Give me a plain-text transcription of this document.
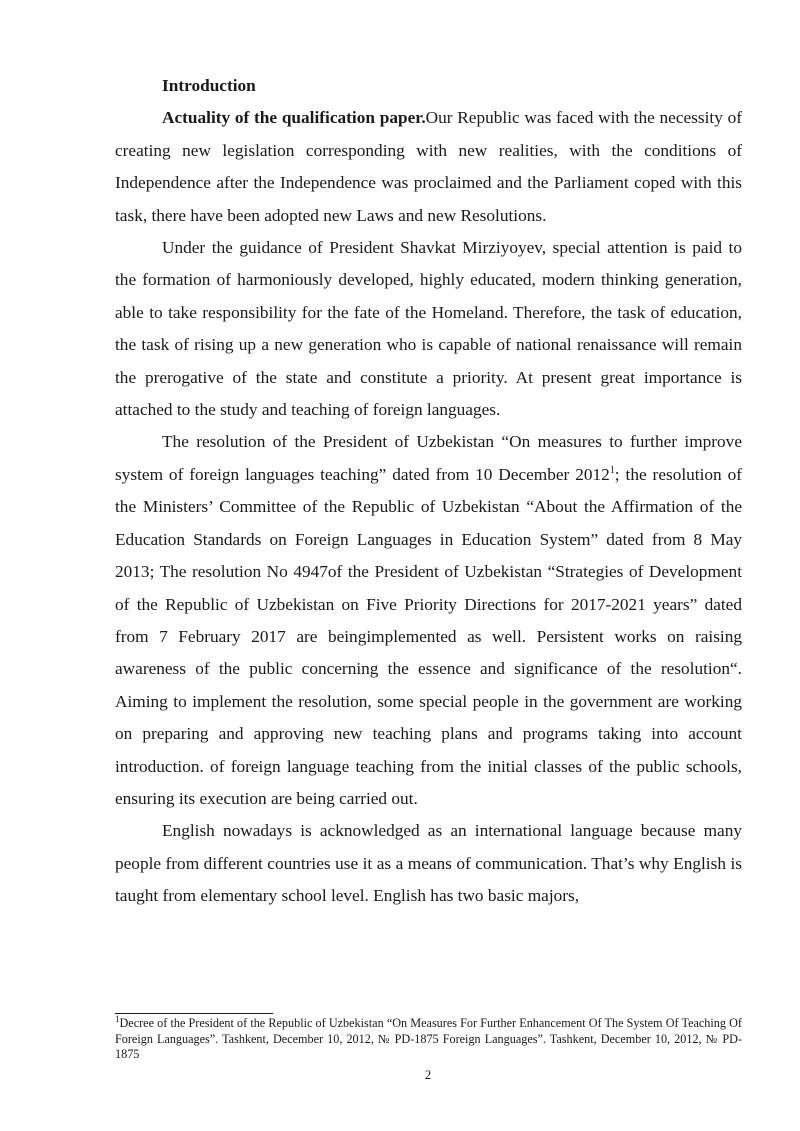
Introduction

Actuality of the qualification paper.Our Republic was faced with the necessity of creating new legislation corresponding with new realities, with the conditions of Independence after the Independence was proclaimed and the Parliament coped with this task, there have been adopted new Laws and new Resolutions.

Under the guidance of President Shavkat Mirziyoyev, special attention is paid to the formation of harmoniously developed, highly educated, modern thinking generation, able to take responsibility for the fate of the Homeland. Therefore, the task of education, the task of rising up a new generation who is capable of national renaissance will remain the prerogative of the state and constitute a priority. At present great importance is attached to the study and teaching of foreign languages.

The resolution of the President of Uzbekistan “On measures to further improve system of foreign languages teaching” dated from 10 December 2012$^1$; the resolution of the Ministers’ Committee of the Republic of Uzbekistan “About the Affirmation of the Education Standards on Foreign Languages in Education System” dated from 8 May 2013; The resolution No 4947of the President of Uzbekistan “Strategies of Development of the Republic of Uzbekistan on Five Priority Directions for 2017-2021 years” dated from 7 February 2017 are beingimplemented as well. Persistent works on raising awareness of the public concerning the essence and significance of the resolution“. Aiming to implement the resolution, some special people in the government are working on preparing and approving new teaching plans and programs taking into account introduction. of foreign language teaching from the initial classes of the public schools, ensuring its execution are being carried out.

English nowadays is acknowledged as an international language because many people from different countries use it as a means of communication. That’s why English is taught from elementary school level. English has two basic majors,

$^1$Decree of the President of the Republic of Uzbekistan “On Measures For Further Enhancement Of The System Of Teaching Of Foreign Languages”. Tashkent, December 10, 2012, № PD-1875 Foreign Languages”. Tashkent, December 10, 2012, № PD-1875
2
